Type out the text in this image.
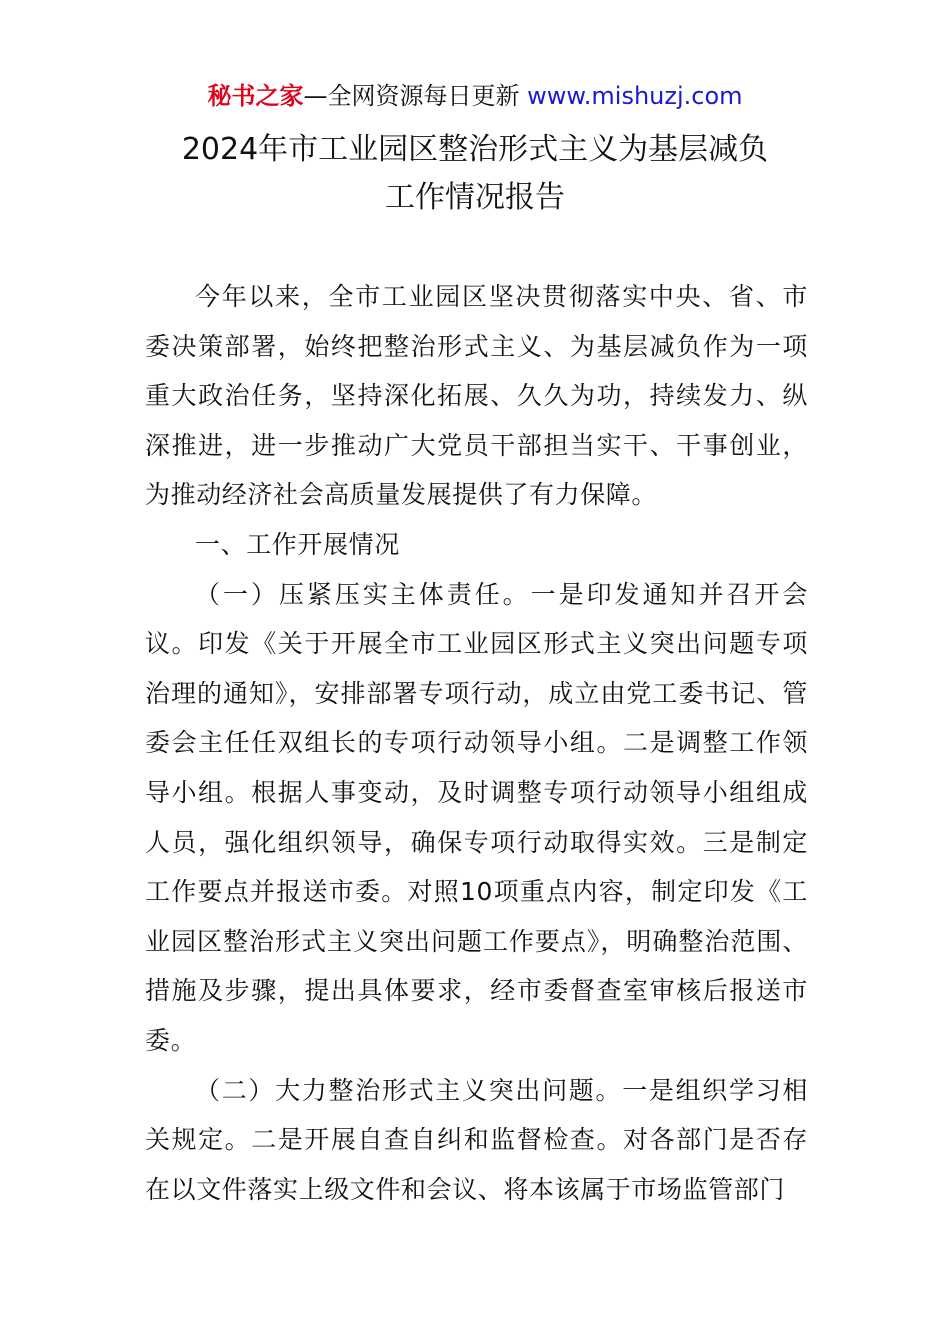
秘书之家—全网资源每日更新 www.mishuzj.com
2024年市工业园区整治形式主义为基层减负
工作情况报告

今年以来，全市工业园区坚决贯彻落实中央、省、市委决策部署，始终把整治形式主义、为基层减负作为一项重大政治任务，坚持深化拓展、久久为功，持续发力、纵深推进，进一步推动广大党员干部担当实干、干事创业，为推动经济社会高质量发展提供了有力保障。

一、工作开展情况

（一）压紧压实主体责任。一是印发通知并召开会议。印发《关于开展全市工业园区形式主义突出问题专项治理的通知》，安排部署专项行动，成立由党工委书记、管委会主任任双组长的专项行动领导小组。二是调整工作领导小组。根据人事变动，及时调整专项行动领导小组组成人员，强化组织领导，确保专项行动取得实效。三是制定工作要点并报送市委。对照10项重点内容，制定印发《工业园区整治形式主义突出问题工作要点》，明确整治范围、措施及步骤，提出具体要求，经市委督查室审核后报送市委。

（二）大力整治形式主义突出问题。一是组织学习相关规定。二是开展自查自纠和监督检查。对各部门是否存在以文件落实上级文件和会议、将本该属于市场监管部门
